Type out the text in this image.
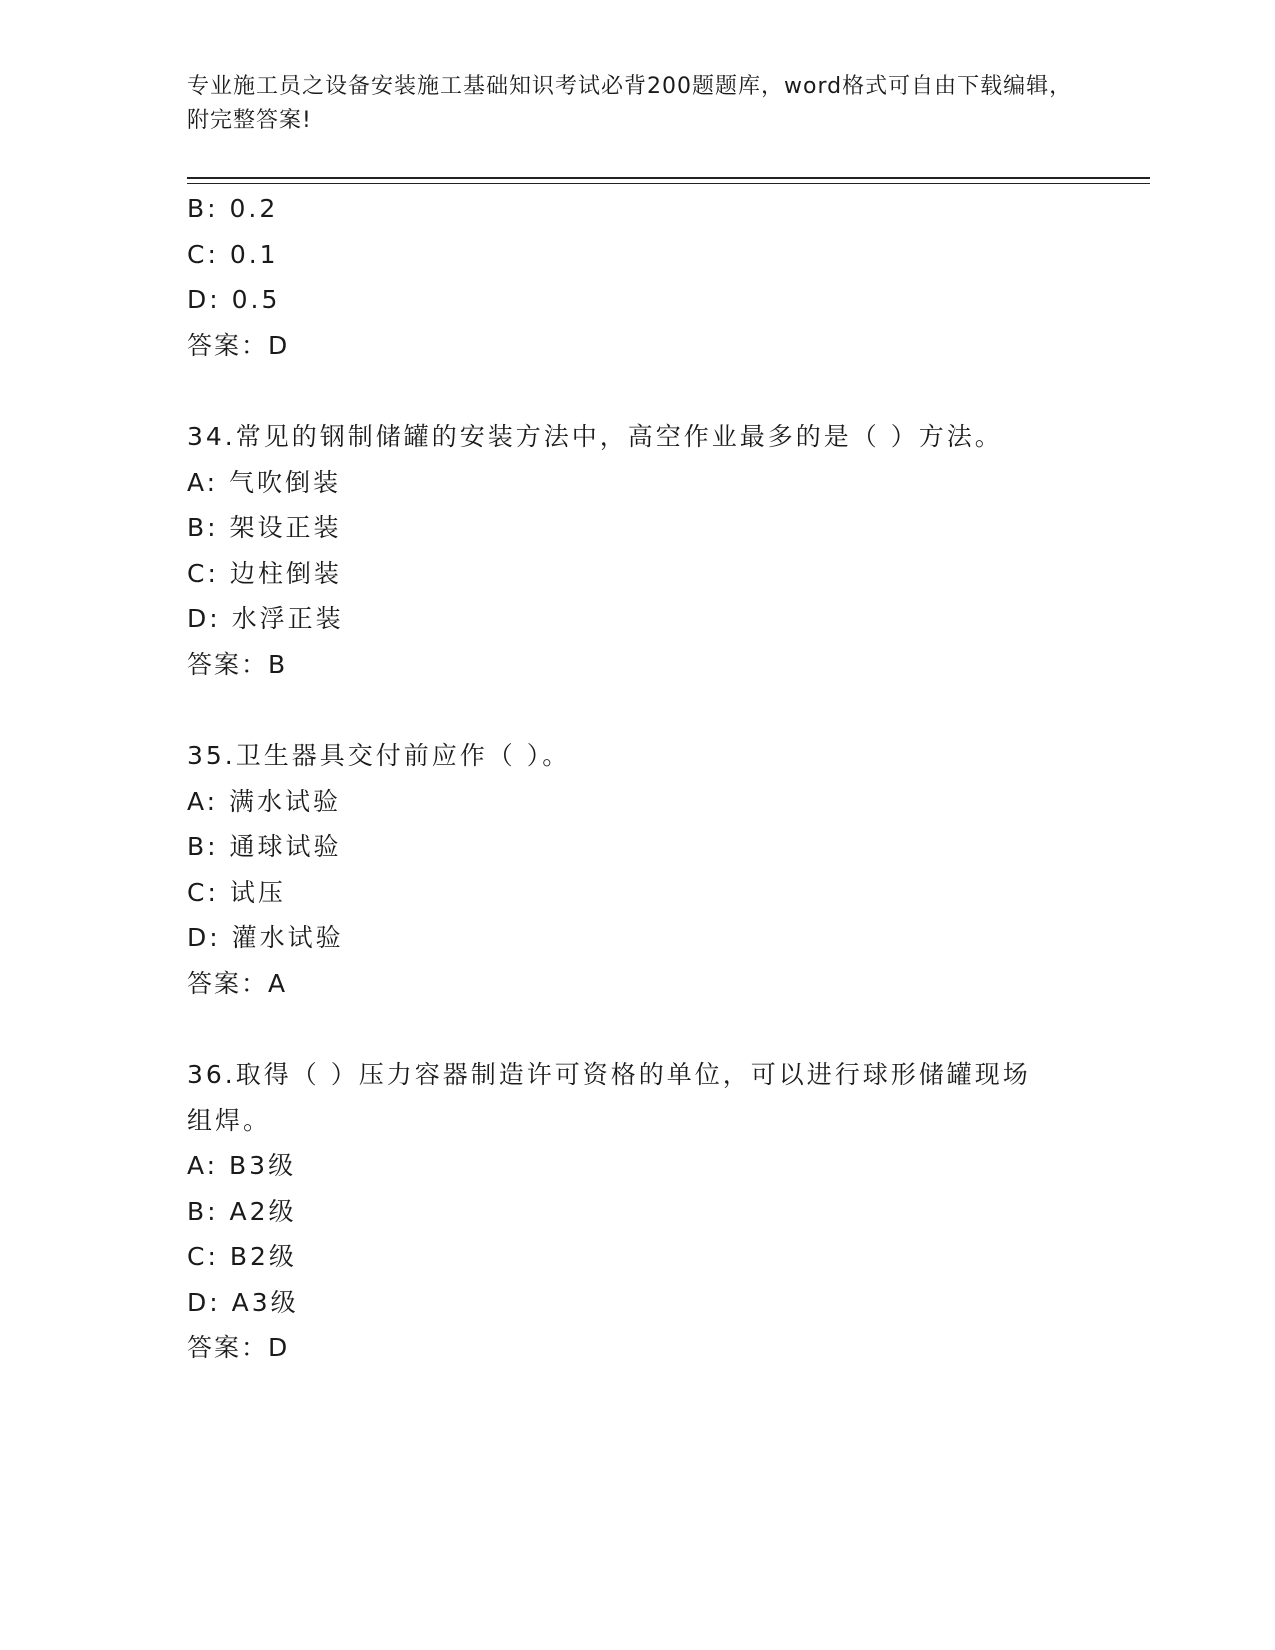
专业施工员之设备安装施工基础知识考试必背200题题库，word格式可自由下载编辑，附完整答案!
B: 0.2
C: 0.1
D: 0.5
答案：D
34.常见的钢制储罐的安装方法中，高空作业最多的是（ ）方法。
A: 气吹倒装
B: 架设正装
C: 边柱倒装
D: 水浮正装
答案：B
35.卫生器具交付前应作（ ）。
A: 满水试验
B: 通球试验
C: 试压
D: 灌水试验
答案：A
36.取得（ ）压力容器制造许可资格的单位，可以进行球形储罐现场组焊。
A: B3级
B: A2级
C: B2级
D: A3级
答案：D
